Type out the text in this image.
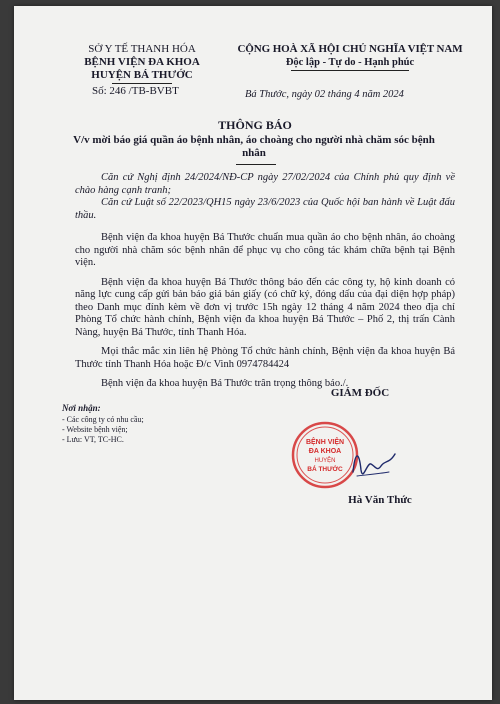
SỞ Y TẾ THANH HÓA
BỆNH VIỆN ĐA KHOA
HUYỆN BÁ THƯỚC
Số: 246 /TB-BVBT
CỘNG HOÀ XÃ HỘI CHỦ NGHĨA VIỆT NAM
Độc lập - Tự do - Hạnh phúc
Bá Thước, ngày 02 tháng 4 năm 2024
THÔNG BÁO
V/v mời báo giá quần áo bệnh nhân, áo choàng cho người nhà chăm sóc bệnh nhân

Căn cứ Nghị định 24/2024/NĐ-CP ngày 27/02/2024 của Chính phủ quy định về chào hàng cạnh tranh;

Căn cứ Luật số 22/2023/QH15 ngày 23/6/2023 của Quốc hội ban hành về Luật đấu thầu.

Bệnh viện đa khoa huyện Bá Thước chuẩn mua quần áo cho bệnh nhân, áo choàng cho người nhà chăm sóc bệnh nhân để phục vụ cho công tác khám chữa bệnh tại Bệnh viện.

Bệnh viện đa khoa huyện Bá Thước thông báo đến các công ty, hộ kinh doanh có năng lực cung cấp gửi bản báo giá bản giấy (có chữ ký, đóng dấu của đại diện hợp pháp) theo Danh mục đính kèm về đơn vị trước 15h ngày 12 tháng 4 năm 2024 theo địa chỉ Phòng Tổ chức hành chính, Bệnh viện đa khoa huyện Bá Thước – Phố 2, thị trấn Cành Nàng, huyện Bá Thước, tỉnh Thanh Hóa.

Mọi thắc mắc xin liên hệ Phòng Tổ chức hành chính, Bệnh viện đa khoa huyện Bá Thước tỉnh Thanh Hóa hoặc Đ/c Vinh 0974784424

Bệnh viện đa khoa huyện Bá Thước trân trọng thông báo./.

Nơi nhận:
- Các công ty có nhu cầu;
- Website bệnh viện;
- Lưu: VT, TC-HC.
GIÁM ĐỐC
BỆNH VIỆN
ĐA KHOA
HUYỆN
BÁ THƯỚC
Hà Văn Thức
